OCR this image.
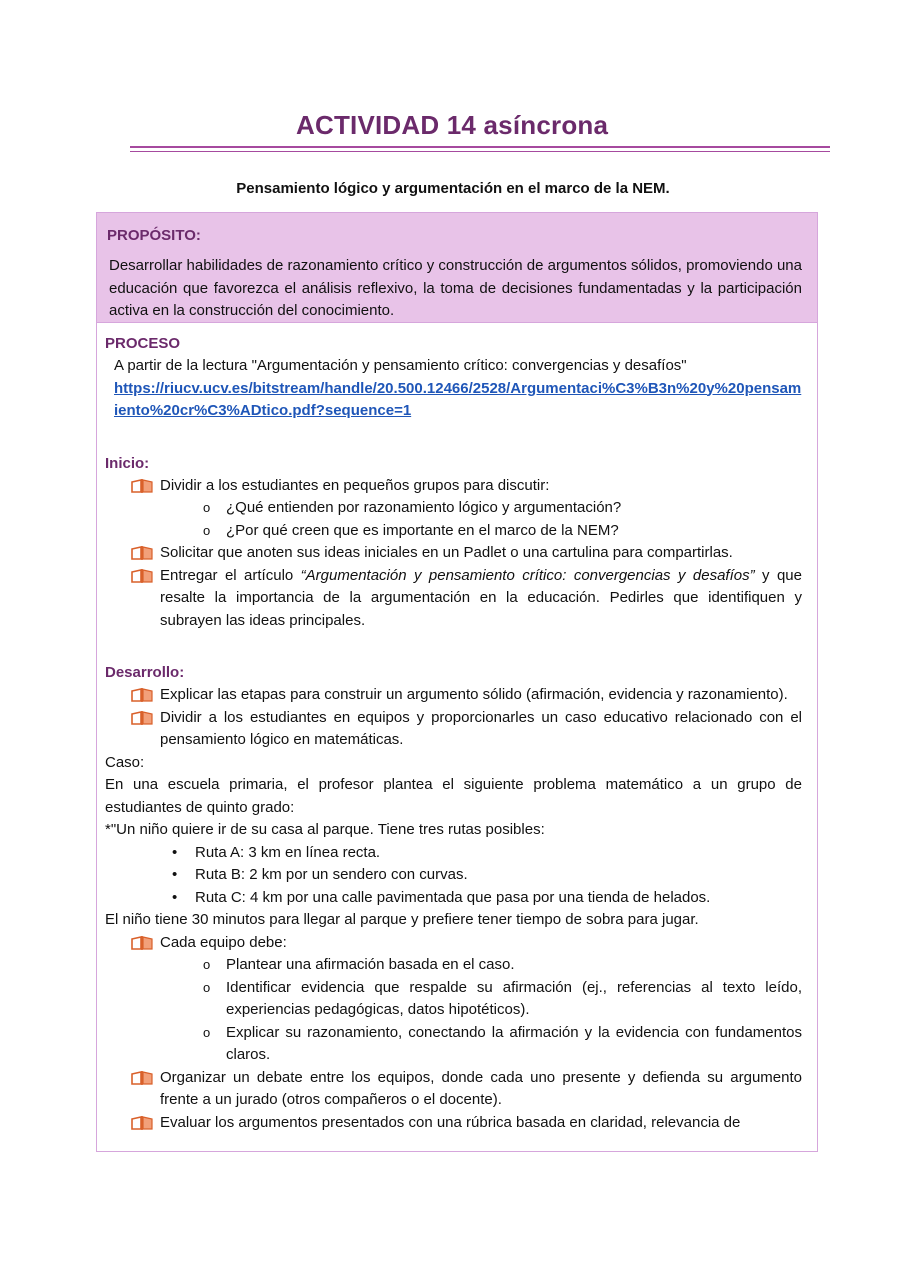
ACTIVIDAD 14 asíncrona
Pensamiento lógico y argumentación en el marco de la NEM.
PROPÓSITO:
Desarrollar habilidades de razonamiento crítico y construcción de argumentos sólidos, promoviendo una educación que favorezca el análisis reflexivo, la toma de decisiones fundamentadas y la participación activa en la construcción del conocimiento.
PROCESO
A partir de la lectura "Argumentación y pensamiento crítico: convergencias y desafíos"
https://riucv.ucv.es/bitstream/handle/20.500.12466/2528/Argumentaci%C3%B3n%20y%20pensamiento%20cr%C3%ADtico.pdf?sequence=1
Inicio:
Dividir a los estudiantes en pequeños grupos para discutir:
o ¿Qué entienden por razonamiento lógico y argumentación?
o ¿Por qué creen que es importante en el marco de la NEM?
Solicitar que anoten sus ideas iniciales en un Padlet o una cartulina para compartirlas.
Entregar el artículo “Argumentación y pensamiento crítico: convergencias y desafíos” y que resalte la importancia de la argumentación en la educación. Pedirles que identifiquen y subrayen las ideas principales.
Desarrollo:
Explicar las etapas para construir un argumento sólido (afirmación, evidencia y razonamiento).
Dividir a los estudiantes en equipos y proporcionarles un caso educativo relacionado con el pensamiento lógico en matemáticas.
Caso:
En una escuela primaria, el profesor plantea el siguiente problema matemático a un grupo de estudiantes de quinto grado:
*"Un niño quiere ir de su casa al parque. Tiene tres rutas posibles:
• Ruta A: 3 km en línea recta.
• Ruta B: 2 km por un sendero con curvas.
• Ruta C: 4 km por una calle pavimentada que pasa por una tienda de helados.
El niño tiene 30 minutos para llegar al parque y prefiere tener tiempo de sobra para jugar.
Cada equipo debe:
o Plantear una afirmación basada en el caso.
o Identificar evidencia que respalde su afirmación (ej., referencias al texto leído, experiencias pedagógicas, datos hipotéticos).
o Explicar su razonamiento, conectando la afirmación y la evidencia con fundamentos claros.
Organizar un debate entre los equipos, donde cada uno presente y defienda su argumento frente a un jurado (otros compañeros o el docente).
Evaluar los argumentos presentados con una rúbrica basada en claridad, relevancia de
